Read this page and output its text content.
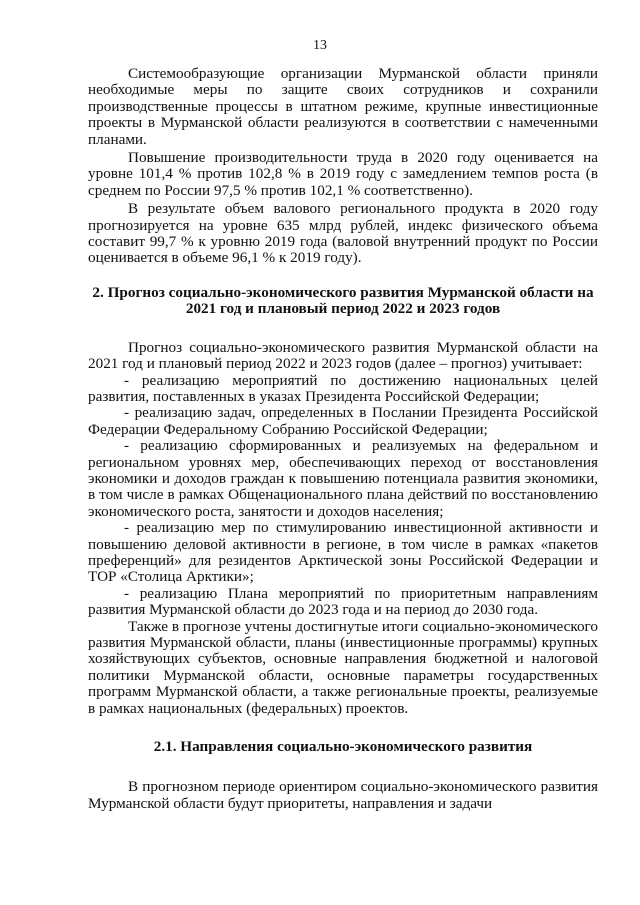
13

Системообразующие организации Мурманской области приняли необходимые меры по защите своих сотрудников и сохранили производственные процессы в штатном режиме, крупные инвестиционные проекты в Мурманской области реализуются в соответствии с намеченными планами.

Повышение производительности труда в 2020 году оценивается на уровне 101,4 % против 102,8 % в 2019 году с замедлением темпов роста (в среднем по России 97,5 % против 102,1 % соответственно).

В результате объем валового регионального продукта в 2020 году прогнозируется на уровне 635 млрд рублей, индекс физического объема составит 99,7 % к уровню 2019 года (валовой внутренний продукт по России оценивается в объеме 96,1 % к 2019 году).

2. Прогноз социально-экономического развития Мурманской области на 2021 год и плановый период 2022 и 2023 годов

Прогноз социально-экономического развития Мурманской области на 2021 год и плановый период 2022 и 2023 годов (далее – прогноз) учитывает:

- реализацию мероприятий по достижению национальных целей развития, поставленных в указах Президента Российской Федерации;

- реализацию задач, определенных в Послании Президента Российской Федерации Федеральному Собранию Российской Федерации;

- реализацию сформированных и реализуемых на федеральном и региональном уровнях мер, обеспечивающих переход от восстановления экономики и доходов граждан к повышению потенциала развития экономики, в том числе в рамках Общенационального плана действий по восстановлению экономического роста, занятости и доходов населения;

- реализацию мер по стимулированию инвестиционной активности и повышению деловой активности в регионе, в том числе в рамках «пакетов преференций» для резидентов Арктической зоны Российской Федерации и ТОР «Столица Арктики»;

- реализацию Плана мероприятий по приоритетным направлениям развития Мурманской области до 2023 года и на период до 2030 года.

Также в прогнозе учтены достигнутые итоги социально-экономического развития Мурманской области, планы (инвестиционные программы) крупных хозяйствующих субъектов, основные направления бюджетной и налоговой политики Мурманской области, основные параметры государственных программ Мурманской области, а также региональные проекты, реализуемые в рамках национальных (федеральных) проектов.

2.1. Направления социально-экономического развития

В прогнозном периоде ориентиром социально-экономического развития Мурманской области будут приоритеты, направления и задачи
